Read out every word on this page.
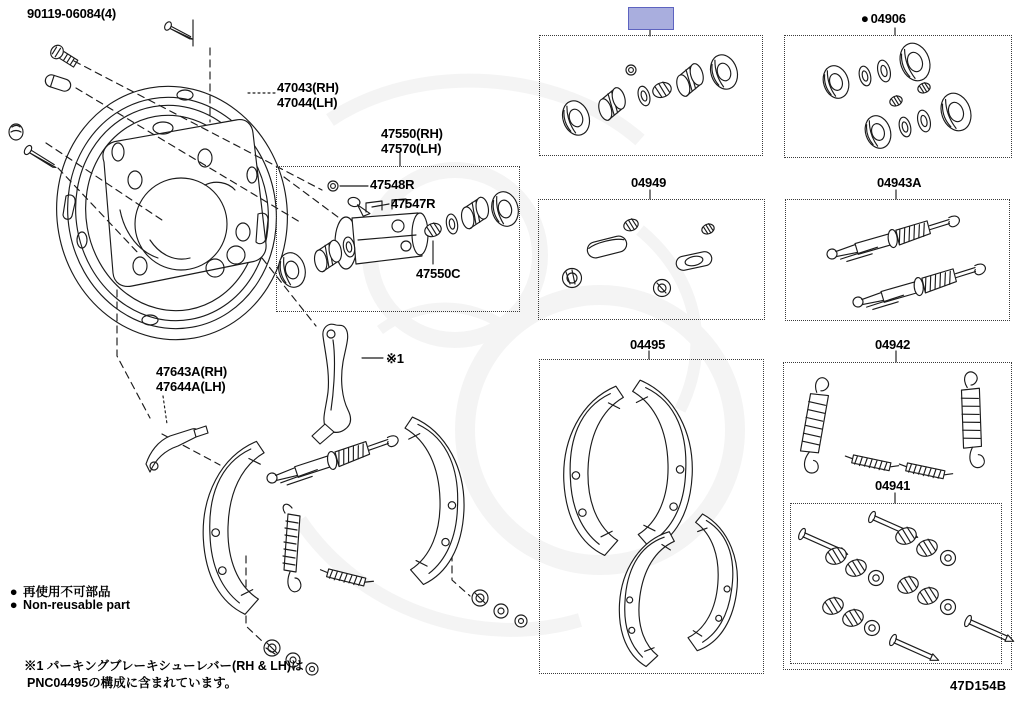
90119-06084(4)
47043(RH)
47044(LH)
47550(RH)
47570(LH)
47548R
47547R
47550C
47643A(RH)
47644A(LH)
※1
● 04906
04949	04943A
04495	04942
04941
● 再使用不可部品
● Non-reusable part
※1 パーキングブレーキシューレバー(RH & LH)は
PNC04495の構成に含まれています。	47D154B
